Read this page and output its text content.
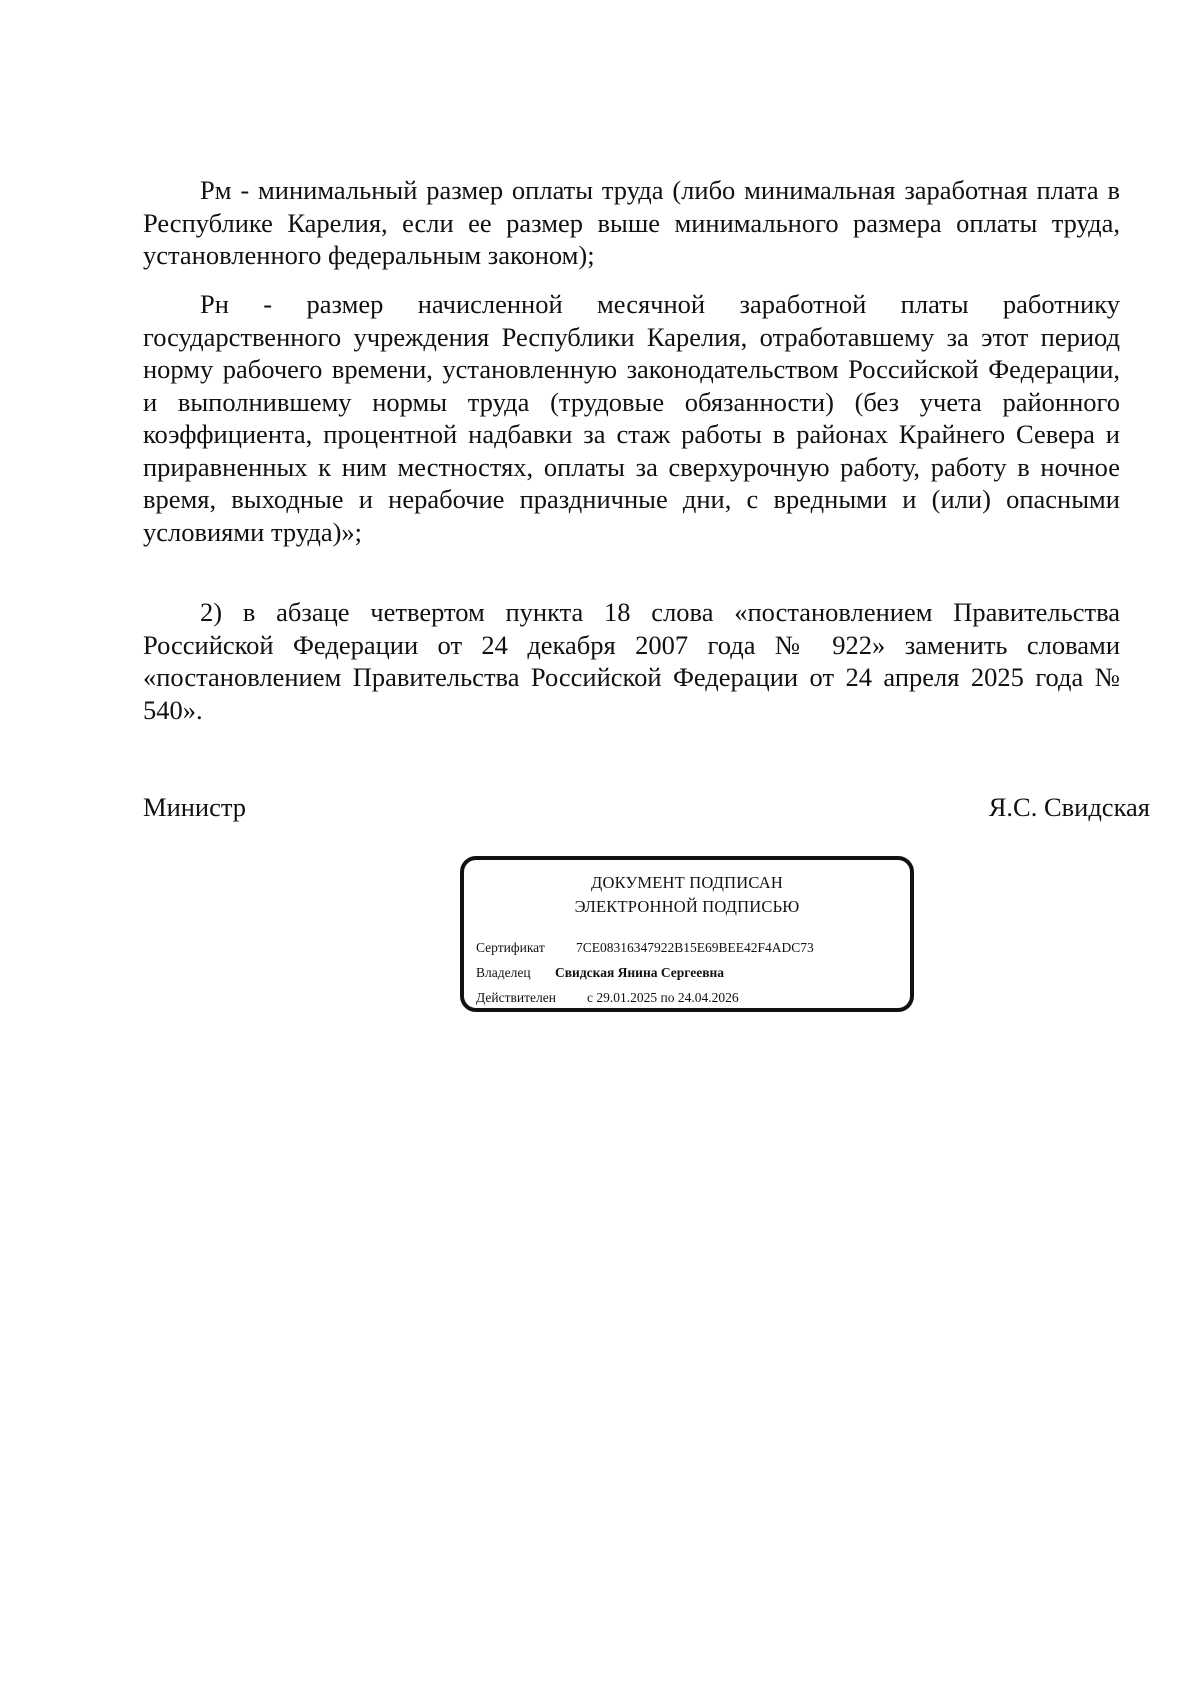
Рм - минимальный размер оплаты труда (либо минимальная заработная плата в Республике Карелия, если ее размер выше минимального размера оплаты труда, установленного федеральным законом);

Рн - размер начисленной месячной заработной платы работнику государственного учреждения Республики Карелия, отработавшему за этот период норму рабочего времени, установленную законодательством Российской Федерации, и выполнившему нормы труда (трудовые обязанности) (без учета районного коэффициента, процентной надбавки за стаж работы в районах Крайнего Севера и приравненных к ним местностях, оплаты за сверхурочную работу, работу в ночное время, выходные и нерабочие праздничные дни, с вредными и (или) опасными условиями труда)»;

2) в абзаце четвертом пункта 18 слова «постановлением Правительства Российской Федерации от 24 декабря 2007 года № 922» заменить словами «постановлением Правительства Российской Федерации от 24 апреля 2025 года № 540».

Министр	Я.С. Свидская
ДОКУМЕНТ ПОДПИСАН
ЭЛЕКТРОННОЙ ПОДПИСЬЮ
Сертификат 7CE08316347922B15E69BEE42F4ADC73
Владелец Свидская Янина Сергеевна
Действителен с 29.01.2025 по 24.04.2026
